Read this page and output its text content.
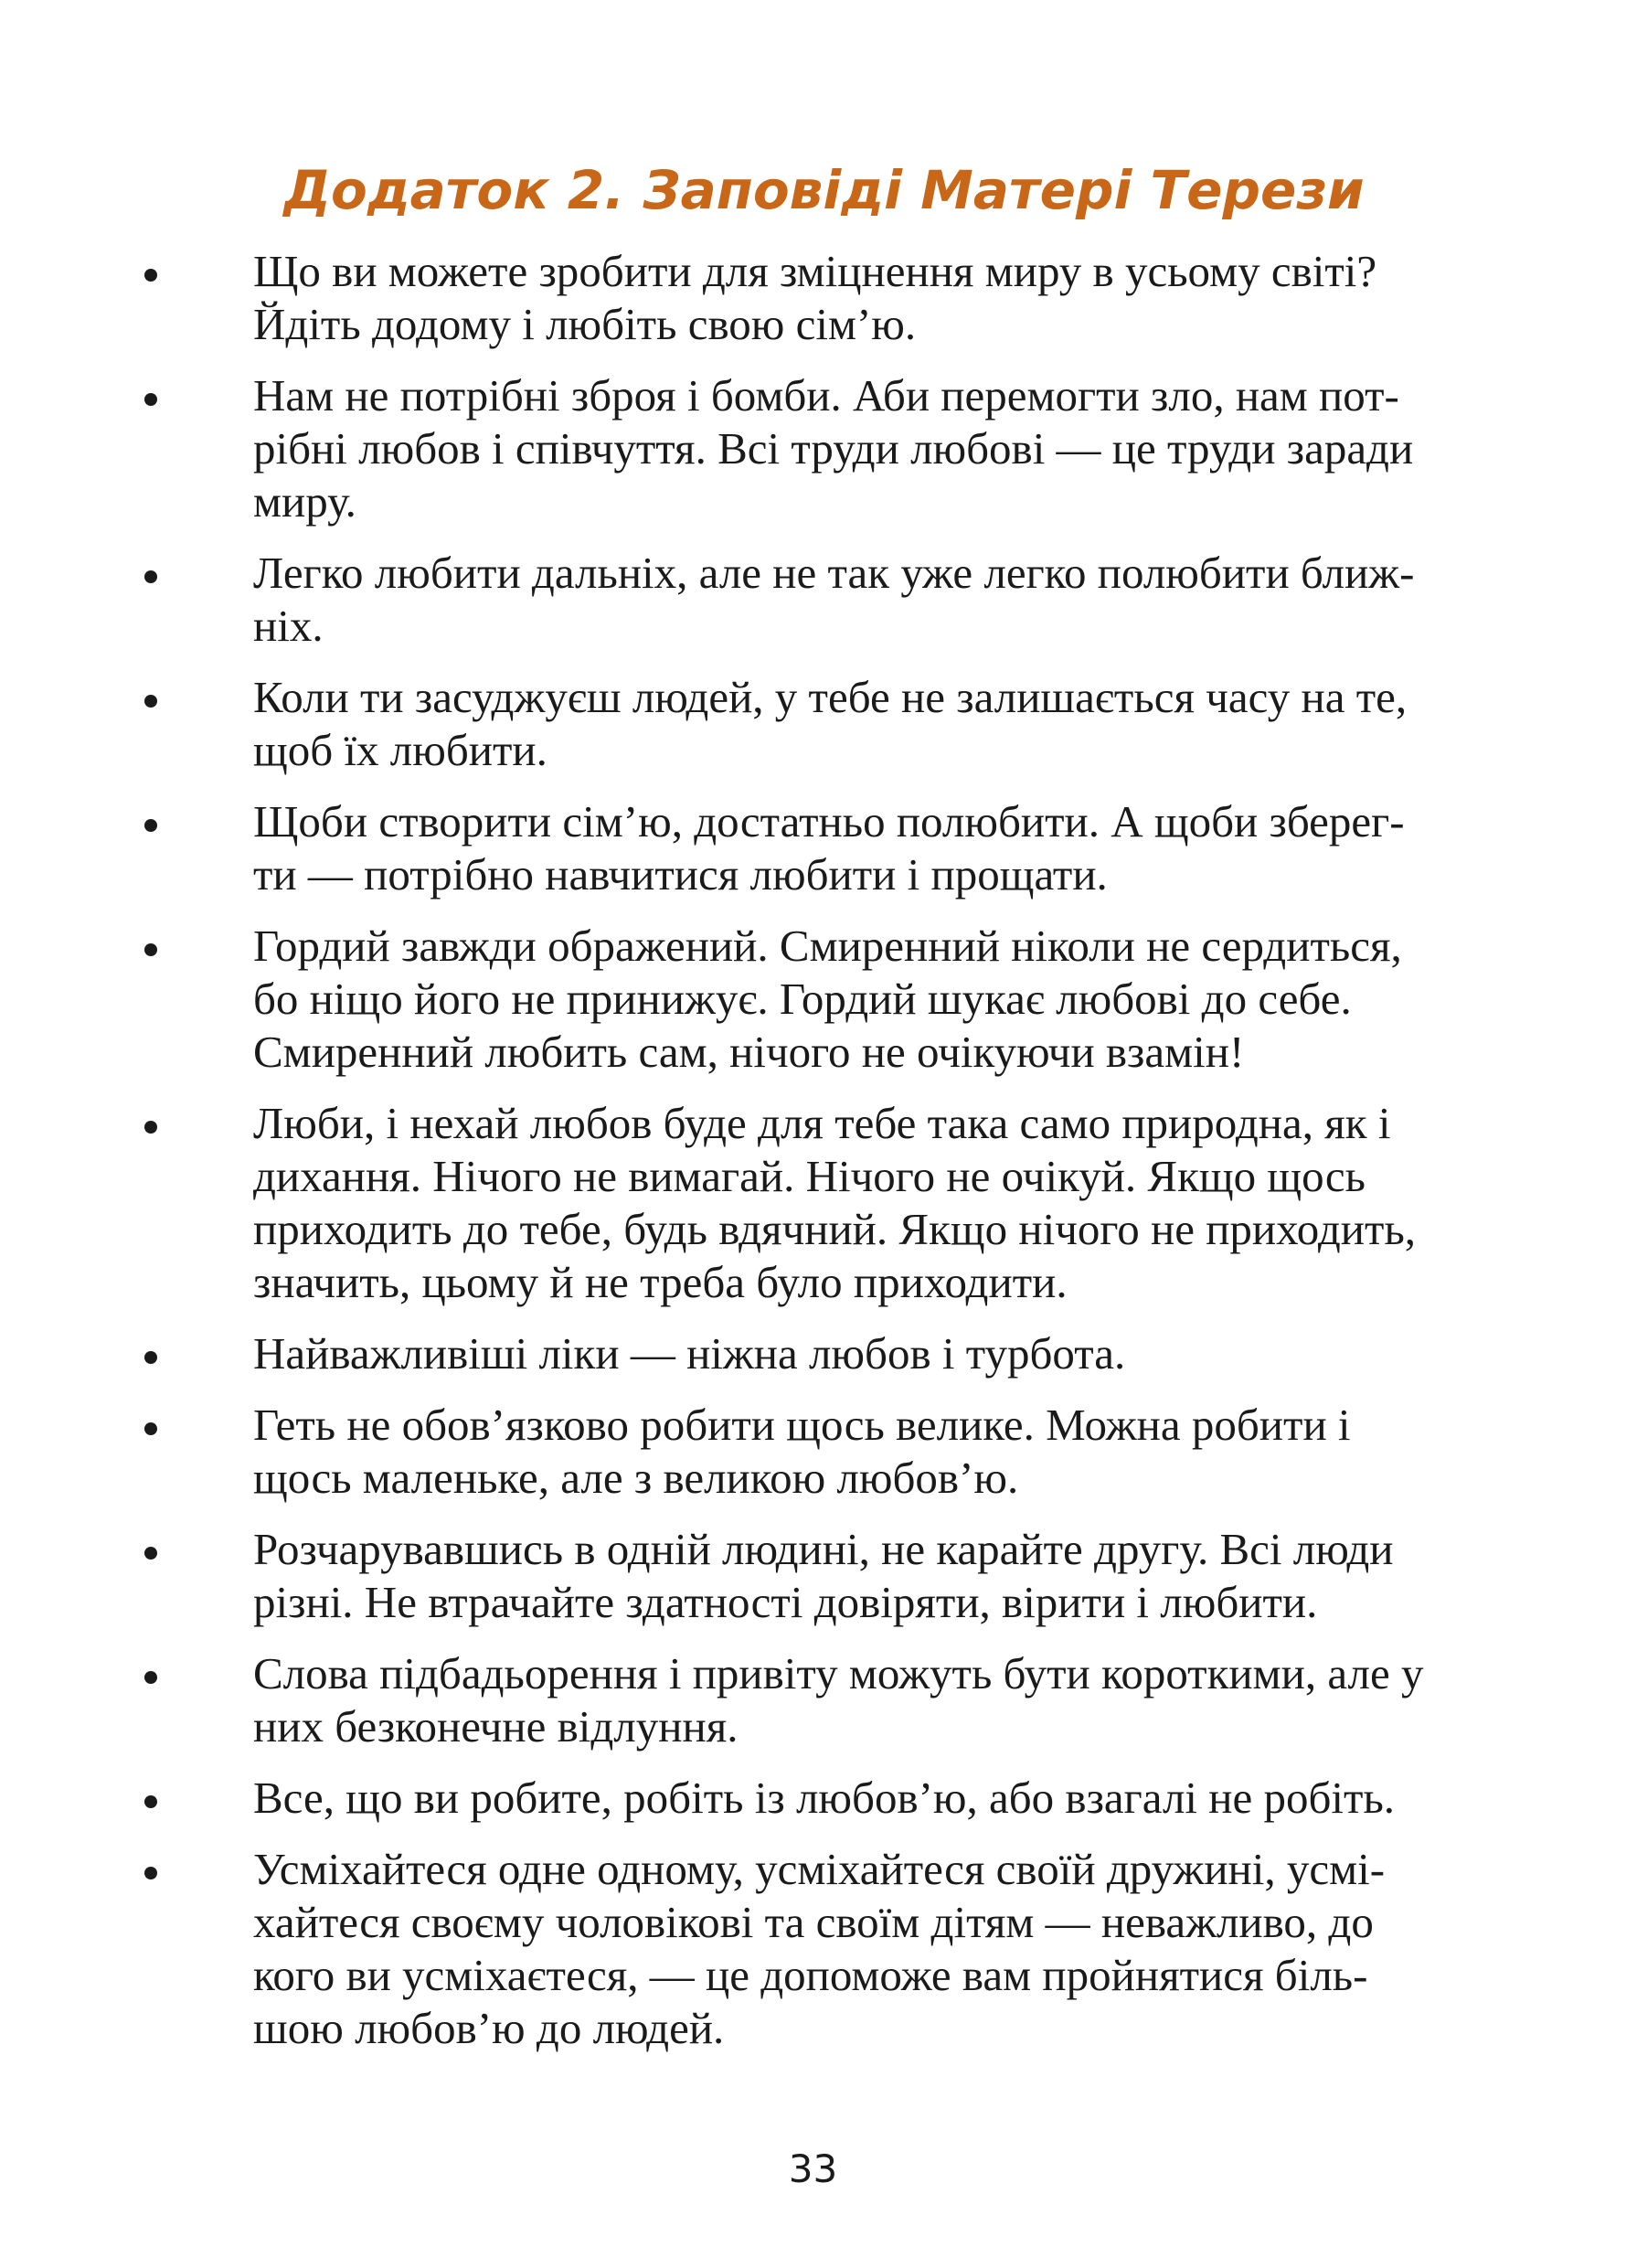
Додаток 2. Заповіді Матері Терези
Що ви можете зробити для зміцнення миру в усьому світі?
Йдіть додому і любіть свою сім’ю.
Нам не потрібні зброя і бомби. Аби перемогти зло, нам пот-
рібні любов і співчуття. Всі труди любові — це труди заради
миру.
Легко любити дальніх, але не так уже легко полюбити ближ-
ніх.
Коли ти засуджуєш людей, у тебе не залишається часу на те,
щоб їх любити.
Щоби створити сім’ю, достатньо полюбити. А щоби зберег-
ти — потрібно навчитися любити і прощати.
Гордий завжди ображений. Смиренний ніколи не сердиться,
бо ніщо його не принижує. Гордий шукає любові до себе.
Смиренний любить сам, нічого не очікуючи взамін!
Люби, і нехай любов буде для тебе така само природна, як і
дихання. Нічого не вимагай. Нічого не очікуй. Якщо щось
приходить до тебе, будь вдячний. Якщо нічого не приходить,
значить, цьому й не треба було приходити.
Найважливіші ліки — ніжна любов і турбота.
Геть не обов’язково робити щось велике. Можна робити і
щось маленьке, але з великою любов’ю.
Розчарувавшись в одній людині, не карайте другу. Всі люди
різні. Не втрачайте здатності довіряти, вірити і любити.
Слова підбадьорення і привіту можуть бути короткими, але у
них безконечне відлуння.
Все, що ви робите, робіть із любов’ю, або взагалі не робіть.
Усміхайтеся одне одному, усміхайтеся своїй дружині, усмі-
хайтеся своєму чоловікові та своїм дітям — неважливо, до
кого ви усміхаєтеся, — це допоможе вам пройнятися біль-
шою любов’ю до людей.
33
